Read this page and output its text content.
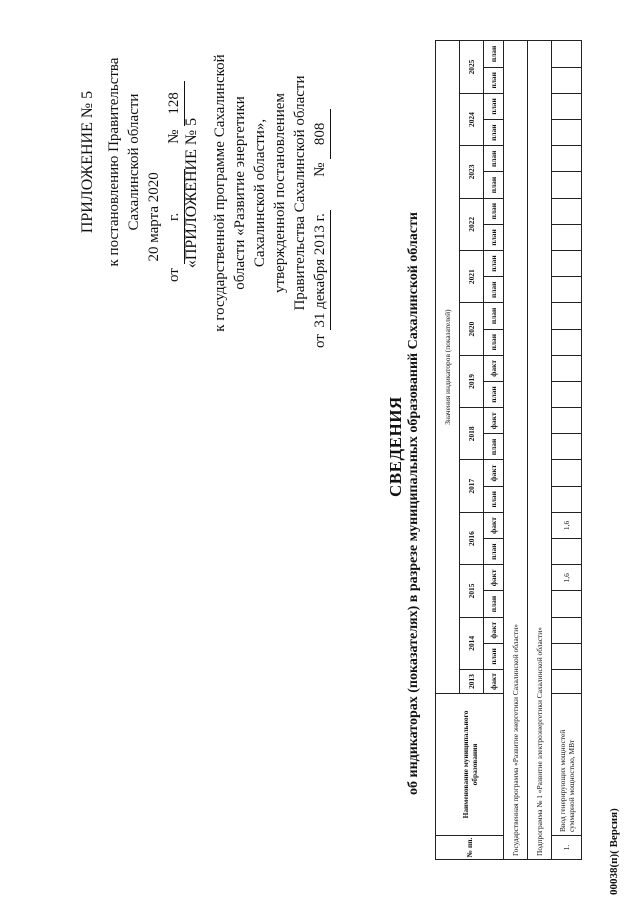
ПРИЛОЖЕНИЕ № 5 к постановлению Правительства Сахалинской области
от 20 марта 2020 г.  № 128
«ПРИЛОЖЕНИЕ № 5 к государственной программе Сахалинской области «Развитие энергетики Сахалинской области», утвержденной постановлением Правительства Сахалинской области
от 31 декабря 2013 г.  № 808
СВЕДЕНИЯ об индикаторах (показателях) в разрезе муниципальных образований Сахалинской области
№ пп.	Наименование муниципального образования	Значения индикаторов (показателей)																								
		2013	2014		2015		2016		2017		2018		2019		2020		2021		2022		2023		2024		2025	
		факт	план	факт	план	факт	план	факт	план	факт	план	факт	план	факт	план	план	план	план	план	план	план	план	план	план	план	план
Государственная программа «Развитие энергетики Сахалинской области»																										
Подпрограмма № 1 «Развитие электроэнергетики Сахалинской области»																										
1.	Ввод генерирующих мощностей суммарной мощностью, МВт					1,6		1,6																		
00038(п)( Версия)
